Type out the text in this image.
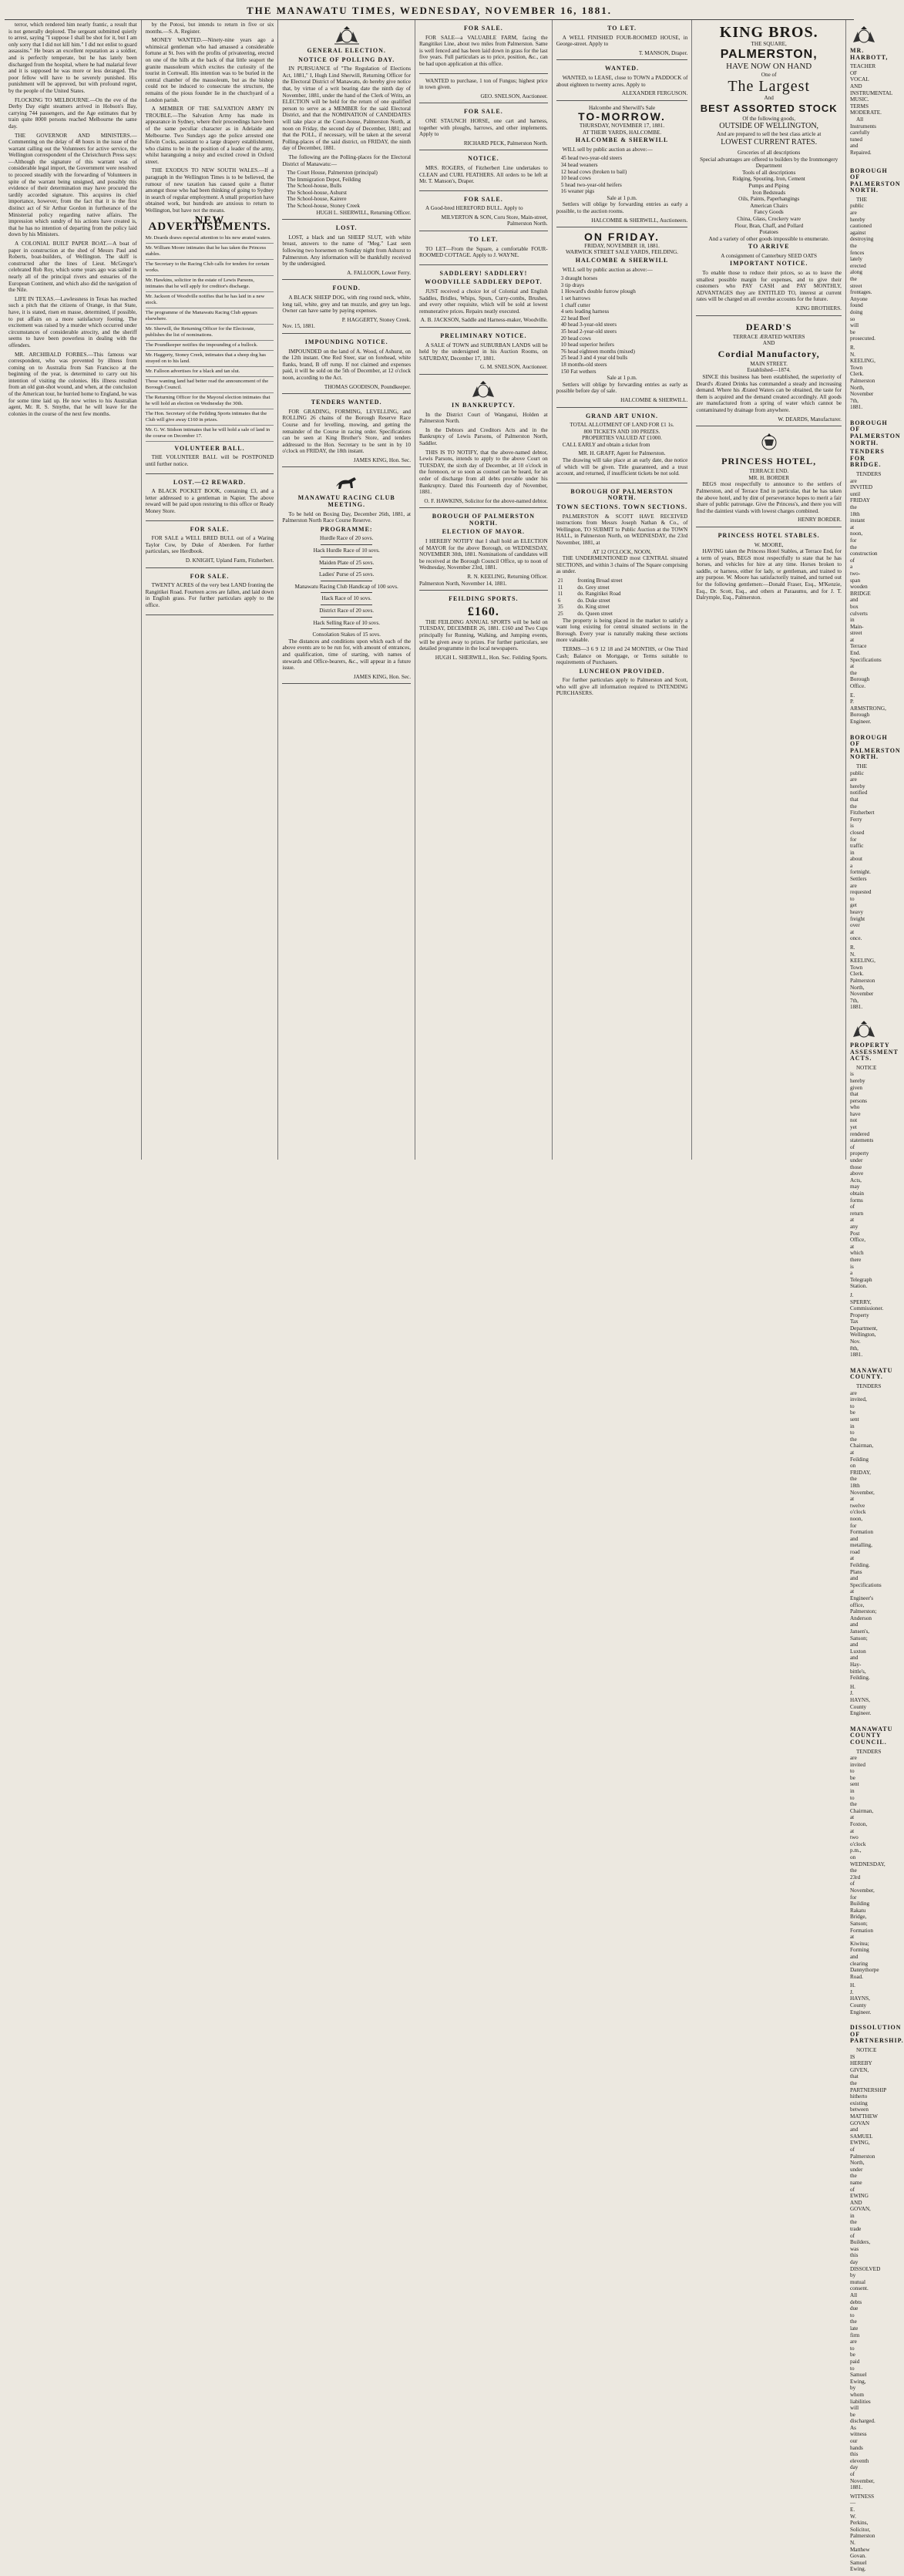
THE MANAWATU TIMES, WEDNESDAY, NOVEMBER 16, 1881.

terror, which rendered him nearly frantic, a result that is not generally deplored. The sergeant submitted quietly to arrest, saying "I suppose I shall be shot for it, but I am only sorry that I did not kill him." I did not enlist to guard assassins." He bears an excellent reputation as a soldier, and is perfectly temperate, but he has lately been discharged from the hospital, where he had malarial fever and it is supposed he was more or less deranged. The poor fellow will have to be severely punished. His punishment will be approved, but with profound regret, by the people of the United States.

FLOCKING TO MELBOURNE.—On the eve of the Derby Day eight steamers arrived in Hobson's Bay, carrying 744 passengers, and the Age estimates that by train quite 8000 persons reached Melbourne the same day.

THE GOVERNOR AND MINISTERS.—Commenting on the delay of 48 hours in the issue of the warrant calling out the Volunteers for active service, the Wellington correspondent of the Christchurch Press says:—Although the signature of this warrant was of considerable legal import, the Government were resolved to proceed steadily with the forwarding of Volunteers in spite of the warrant being unsigned, and possibly this evidence of their determination may have procured the tardily accorded signature. This acquires its chief importance, however, from the fact that it is the first distinct act of Sir Arthur Gordon in furtherance of the Ministerial policy regarding native affairs. The impression which sundry of his actions have created is, that he has no intention of departing from the policy laid down by his Ministers.

A COLONIAL BUILT PAPER BOAT.—A boat of paper in construction at the shed of Messrs Paul and Roberts, boat-builders, of Wellington. The skiff is constructed after the lines of Lieut. McGregor's celebrated Rob Roy, which some years ago was sailed in nearly all of the principal rivers and estuaries of the European Continent, and which also did the navigation of the Nile.

LIFE IN TEXAS.—Lawlessness in Texas has reached such a pitch that the citizens of Orange, in that State, have, it is stated, risen en masse, determined, if possible, to put affairs on a more satisfactory footing. The excitement was raised by a murder which occurred under circumstances of considerable atrocity, and the sheriff seems to have been powerless in dealing with the offenders.

MR. ARCHIBALD FORBES.—This famous war correspondent, who was prevented by illness from coming on to Australia from San Francisco at the beginning of the year, is determined to carry out his intention of visiting the colonies. His illness resulted from an old gun-shot wound, and when, at the conclusion of the American tour, he hurried home to England, he was for some time laid up. He now writes to his Australian agent, Mr. R. S. Smythe, that he will leave for the colonies in the course of the next few months.

by the Potosi, but intends to return in five or six months.—S. A. Register.

MONEY WANTED.—Ninety-nine years ago a whimsical gentleman who had amassed a considerable fortune at St. Ives with the profits of privateering, erected on one of the hills at the back of that little seaport the granite mausoleum which excites the curiosity of the tourist in Cornwall. His intention was to be buried in the central chamber of the mausoleum, but as the bishop could not be induced to consecrate the structure, the remains of the pious founder lie in the churchyard of a London parish.

A MEMBER OF THE SALVATION ARMY IN TROUBLE.—The Salvation Army has made its appearance in Sydney, where their proceedings have been of the same peculiar character as in Adelaide and Melbourne. Two Sundays ago the police arrested one Edwin Cocks, assistant to a large drapery establishment, who claims to be in the position of a leader of the army, whilst haranguing a noisy and excited crowd in Oxford street.

THE EXODUS TO NEW SOUTH WALES.—If a paragraph in the Wellington Times is to be believed, the rumour of new taxation has caused quite a flutter amongst those who had been thinking of going to Sydney in search of regular employment. A small proportion have obtained work, but hundreds are anxious to return to Wellington, but have not the means.

NEW ADVERTISEMENTS.
Mr. Deards draws especial attention to his new ærated waters.
Mr. William Moore intimates that he has taken the Princess stables.
The Secretary to the Racing Club calls for tenders for certain works.
Mr. Hawkins, solicitor in the estate of Lewis Parsons, intimates that he will apply for creditor's discharge.
Mr. Jackson of Woodville notifies that he has laid in a new stock.
The programme of the Manawatu Racing Club appears elsewhere.
Mr. Sherwill, the Returning Officer for the Electorate, publishes the list of nominations.
The Poundkeeper notifies the impounding of a bullock.
Mr. Haggerty, Stoney Creek, intimates that a sheep dog has strayed on to his land.
Mr. Falloon advertises for a black and tan slut.
Those wanting land had better read the announcement of the Borough Council.
The Returning Officer for the Mayoral election intimates that he will hold an election on Wednesday the 30th.
The Hon. Secretary of the Feilding Sports intimates that the Club will give away £160 in prizes.
Mr. G. W. Stidson intimates that he will hold a sale of land in the course on December 17.
VOLUNTEER BALL.

THE VOLUNTEER BALL will be POSTPONED until further notice.

LOST.—£2 REWARD.

A BLACK POCKET BOOK, containing £3, and a letter addressed to a gentleman in Napier. The above reward will be paid upon restoring to this office or Ready Money Store.

FOR SALE.

FOR SALE a WELL BRED BULL out of a Waring Taylor Cow, by Duke of Aberdeen. For further particulars, see Herdbook.

D. KNIGHT, Upland Farm, Fitzherbert.
FOR SALE.

TWENTY ACRES of the very best LAND fronting the Rangitikei Road. Fourteen acres are fallen, and laid down in English grass. For further particulars apply to the office.

GENERAL ELECTION.
NOTICE OF POLLING DAY.

IN PURSUANCE of "The Regulation of Elections Act, 1881," I, Hugh Lind Sherwill, Returning Officer for the Electoral District of Manawatu, do hereby give notice that, by virtue of a writ bearing date the ninth day of November, 1881, under the hand of the Clerk of Writs, an ELECTION will be held for the return of one qualified person to serve as a MEMBER for the said Electoral District, and that the NOMINATION of CANDIDATES will take place at the Court-house, Palmerston North, at noon on Friday, the second day of December, 1881; and that the POLL, if necessary, will be taken at the several Polling-places of the said district, on FRIDAY, the ninth day of December, 1881.

The following are the Polling-places for the Electoral District of Manawatu:—

The Court House, Palmerston (principal)
The Immigration Depot, Feilding
The School-house, Bulls
The School-house, Ashurst
The School-house, Kairere
The School-house, Stoney Creek
HUGH L. SHERWILL, Returning Officer.
LOST.

LOST, a black and tan SHEEP SLUT, with white breast, answers to the name of "Meg." Last seen following two horsemen on Sunday night from Ashurst to Palmerston. Any information will be thankfully received by the undersigned.

A. FALLOON, Lower Ferry.
FOUND.

A BLACK SHEEP DOG, with ring round neck, white, long tail, white, grey and tan muzzle, and grey tan legs. Owner can have same by paying expenses.

P. HAGGERTY, Stoney Creek.
Nov. 15, 1881.
IMPOUNDING NOTICE.

IMPOUNDED on the land of A. Wood, of Ashurst, on the 12th instant. One Red Steer, star on forehead, white flanks, brand, B off rump. If not claimed and expenses paid, it will be sold on the 5th of December, at 12 o'clock noon, according to the Act.

THOMAS GOODISON, Poundkeeper.
TENDERS WANTED.

FOR GRADING, FORMING, LEVELLING, and ROLLING 26 chains of the Borough Reserve Race Course and for levelling, mowing, and getting the remainder of the Course in racing order. Specifications can be seen at King Brother's Store, and tenders addressed to the Hon. Secretary to be sent in by 10 o'clock on FRIDAY, the 18th instant.

JAMES KING, Hon. Sec.
MANAWATU RACING CLUB MEETING.

To be held on Boxing Day, December 26th, 1881, at Palmerston North Race Course Reserve.

PROGRAMME:
Hurdle Race of 20 sovs.
Hack Hurdle Race of 10 sovs.
Maiden Plate of 25 sovs.
Ladies' Purse of 25 sovs.
Manawatu Racing Club Handicap of 100 sovs.
Hack Race of 10 sovs.
District Race of 20 sovs.
Hack Selling Race of 10 sovs.
Consolation Stakes of 15 sovs.

The distances and conditions upon which each of the above events are to be run for, with amount of entrances, and qualification, time of starting, with names of stewards and Office-bearers, &c., will appear in a future issue.

JAMES KING, Hon. Sec.
FOR SALE.

FOR SALE—a VALUABLE FARM, facing the Rangitikei Line, about two miles from Palmerston. Same is well fenced and has been laid down in grass for the last five years. Full particulars as to price, position, &c., can be had upon application at this office.

WANTED to purchase, 1 ton of Fungus; highest price in town given.

GEO. SNELSON, Auctioneer.
FOR SALE.

ONE STAUNCH HORSE, one cart and harness, together with ploughs, harrows, and other implements. Apply to

RICHARD PECK, Palmerston North.
NOTICE.

MRS. ROGERS, of Fitzherbert Line undertakes to CLEAN and CURL FEATHERS. All orders to be left at Mr. T. Manson's, Draper.

FOR SALE.

A Good-bred HEREFORD BULL. Apply to

MILVERTON & SON, Coru Store, Main-street, Palmerston North.
TO LET.

TO LET—From the Square, a comfortable FOUR-ROOMED COTTAGE. Apply to J. WAYNE.

SADDLERY! SADDLERY!
WOODVILLE SADDLERY DEPOT.

JUST received a choice lot of Colonial and English Saddles, Bridles, Whips, Spurs, Curry-combs, Brushes, and every other requisite, which will be sold at lowest remunerative prices. Repairs neatly executed.

A. B. JACKSON, Saddle and Harness-maker, Woodville.
PRELIMINARY NOTICE.

A SALE of TOWN and SUBURBAN LANDS will be held by the undersigned in his Auction Rooms, on SATURDAY, December 17, 1881.

G. M. SNELSON, Auctioneer.
IN BANKRUPTCY.

In the District Court of Wanganui, Holden at Palmerston North.

In the Debtors and Creditors Acts and in the Bankruptcy of Lewis Parsons, of Palmerston North, Saddler.

THIS IS TO NOTIFY, that the above-named debtor, Lewis Parsons, intends to apply to the above Court on TUESDAY, the sixth day of December, at 10 o'clock in the forenoon, or so soon as counsel can be heard, for an order of discharge from all debts provable under his Bankruptcy. Dated this Fourteenth day of November, 1881.

O. F. HAWKINS, Solicitor for the above-named debtor.
BOROUGH OF PALMERSTON NORTH.
ELECTION OF MAYOR.

I HEREBY NOTIFY that I shall hold an ELECTION of MAYOR for the above Borough, on WEDNESDAY, NOVEMBER 30th, 1881. Nominations of candidates will be received at the Borough Council Office, up to noon of Wednesday, November 23rd, 1881.

R. N. KEELING, Returning Officer.
Palmerston North, November 14, 1881.
FEILDING SPORTS.
£160.

THE FEILDING ANNUAL SPORTS will be held on TUESDAY, DECEMBER 26, 1881. £160 and Two Cups principally for Running, Walking, and Jumping events, will be given away to prizes. For further particulars, see detailed programme in the local newspapers.

HUGH L. SHERWILL, Hon. Sec. Feilding Sports.
TO LET.

A WELL FINISHED FOUR-ROOMED HOUSE, in George-street. Apply to

T. MANSON, Draper.
WANTED.

WANTED, to LEASE, close to TOWN a PADDOCK of about eighteen to twenty acres. Apply to

ALEXANDER FERGUSON.
Halcombe and Sherwill's Sale
TO-MORROW.
THURSDAY, NOVEMBER 17, 1881.
AT THEIR YARDS, HALCOMBE.
HALCOMBE & SHERWILL

WILL sell by public auction as above:—

45 head two-year-old steers
34 head weaners
12 head cows (broken to bail)
10 head cows
5 head two-year-old heifers
16 weaner pigs
Sale at 1 p.m.

Settlers will oblige by forwarding entries as early a possible, to the auction rooms.

HALCOMBE & SHERWILL, Auctioneers.
ON FRIDAY.
FRIDAY, NOVEMBER 18, 1881.
WARWICK STREET SALE YARDS, FEILDING.
HALCOMBE & SHERWILL

WILL sell by public auction as above:—

3 draught horses
3 tip drays
1 Howard's double furrow plough
1 set harrows
1 chaff cutter
4 sets leading harness
22 head Beef
40 head 3-year-old steers
35 head 2-year-old steers
20 head cows
10 head superior heifers
76 head eighteen months (mixed)
25 head 3 and 4 year old bulls
18 months-old steers
150 Fat wethers
Sale at 1 p.m.

Settlers will oblige by forwarding entries as early as possible before day of sale.

HALCOMBE & SHERWILL.
GRAND ART UNION.
TOTAL ALLOTMENT OF LAND FOR £1 1s.
800 TICKETS AND 100 PRIZES.
PROPERTIES VALUED AT £1000.

CALL EARLY and obtain a ticket from

MR. H. GRAFF, Agent for Palmerston.

The drawing will take place at an early date, due notice of which will be given. Title guaranteed, and a trust account, and returned, if insufficient tickets be not sold.

BOROUGH OF PALMERSTON NORTH.
TOWN SECTIONS. TOWN SECTIONS.

PALMERSTON & SCOTT HAVE RECEIVED instructions from Messrs Joseph Nathan & Co., of Wellington, TO SUBMIT to Public Auction at the TOWN HALL, in Palmerston North, on WEDNESDAY, the 23rd November, 1881, at

AT 12 O'CLOCK, NOON,

THE UNDERMENTIONED most CENTRAL situated SECTIONS, and within 3 chains of The Square comprising as under.

21	fronting Broad street
11	do. Grey street
11	do. Rangitikei Road
6	do. Duke street
35	do. King street
25	do. Queen street

The property is being placed in the market to satisfy a want long existing for central situated sections in the Borough. Every year is naturally making these sections more valuable.

TERMS—3 6 9 12 18 and 24 MONTHS, or One Third Cash; Balance on Mortgage, or Terms suitable to requirements of Purchasers.

LUNCHEON PROVIDED.

For further particulars apply to Palmerston and Scott, who will give all information required to INTENDING PURCHASERS.

KING BROS.
THE SQUARE,
PALMERSTON,
HAVE NOW ON HAND
One of
The Largest
And
BEST ASSORTED STOCK
Of the following goods,
OUTSIDE OF WELLINGTON,
And are prepared to sell the best class article at
LOWEST CURRENT RATES.
Groceries of all descriptions
Special advantages are offered to builders by the Ironmongery Department
Tools of all descriptions
Ridging, Spouting, Iron, Cement
Pumps and Piping
Iron Bedsteads
Oils, Paints, Paperhangings
American Chairs
Fancy Goods
China, Glass, Crockery ware
Flour, Bran, Chaff, and Pollard
Potatoes
And a variety of other goods impossible to enumerate.
TO ARRIVE
A consignment of Canterbury SEED OATS
IMPORTANT NOTICE.

To enable those to reduce their prices, so as to leave the smallest possible margin for expenses, and to give their customers who PAY CASH and PAY MONTHLY, ADVANTAGES they are ENTITLED TO, interest at current rates will be charged on all overdue accounts for the future.

KING BROTHERS.
DEARD'S
TERRACE ÆRATED WATERS
AND
Cordial Manufactory,
MAIN STREET.
Established—1874.

SINCE this business has been established, the superiority of Deard's Ærated Drinks has commanded a steady and increasing demand. Where his Ærated Waters can be obtained, the taste for them is acquired and the demand created accordingly. All goods are manufactured from a spring of water which cannot be contaminated by drainage from anywhere.

W. DEARDS, Manufacturer.
PRINCESS HOTEL,
TERRACE END.
MR. H. BORDER

BEGS most respectfully to announce to the settlers of Palmerston, and of Terrace End in particular, that he has taken the above hotel, and by dint of perseverance hopes to merit a fair share of public patronage. Give the Princess's, and there you will find the daintiest viands with lowest charges combined.

HENRY BORDER.
PRINCESS HOTEL STABLES.
W. MOORE,

HAVING taken the Princess Hotel Stables, at Terrace End, for a term of years, BEGS most respectfully to state that he has horses, and vehicles for hire at any time. Horses broken to saddle, or harness, either for lady, or gentleman, and trained to any purpose. W. Moore has satisfactorily trained, and turned out for the following gentlemen:—Donald Fraser, Esq., M'Kenzie, Esq., Dr. Scott, Esq., and others at Paraaumu, and for J. T. Dalrymple, Esq., Palmerston.

MR. HARBOTT,
TEACHER OF VOCAL AND INSTRUMENTAL MUSIC.
TERMS MODERATE.

All Instruments carefully tuned and Repaired.

BOROUGH OF PALMERSTON NORTH.

THE public are hereby cautioned against destroying the fences lately erected along the street frontages. Anyone found doing so will be prosecuted.

R. N. KEELING, Town Clerk.
Palmerston North, November 7th, 1881.
BOROUGH OF PALMERSTON NORTH.
TENDERS FOR BRIDGE.

TENDERS are INVITED until FRIDAY the 18th instant at noon, for the construction of a two-span wooden BRIDGE and box culverts in Main-street at Terrace End. Specifications at the Borough Office.

E. P. ARMSTRONG, Borough Engineer.
BOROUGH OF PALMERSTON NORTH.

THE public are hereby notified that the Fitzherbert Ferry is closed for traffic in about a fortnight. Settlers are requested to get heavy freight over at once.

R. N. KEELING, Town Clerk.
Palmerston North, November 7th, 1881.
PROPERTY ASSESSMENT ACTS.

NOTICE is hereby given that persons who have not yet rendered statements of property under those above Acts, may obtain forms of return at any Post Office, at which there is a Telegraph Station.

J. SPERRY, Commissioner.
Property Tax Department, Wellington, Nov. 8th, 1881.
MANAWATU COUNTY.

TENDERS are invited, to be sent in to the Chairman, at Feilding on FRIDAY, the 18th November, at twelve o'clock noon, for Formation and metalling, road at Feilding. Plans and Specifications at Engineer's office, Palmerston; Anderson and Jansen's, Sanson; and Luxton and Hay-bittle's, Feilding.

H. J. HAYNS, County Engineer.
MANAWATU COUNTY COUNCIL.

TENDERS are invited to be sent in to the Chairman, at Foxton, at two o'clock p.m., on WEDNESDAY, the 23rd of November, for Building Rakatu Bridge, Sanson; Formation at Kiwitea; Forming and clearing Dannythorpe Road.

H. J. HAYNS, County Engineer.
DISSOLUTION OF PARTNERSHIP.

NOTICE IS HEREBY GIVEN, that the PARTNERSHIP hitherto existing between MATTHEW GOVAN and SAMUEL EWING, of Palmerston North, under the name of EWING AND GOVAN, in the trade of Builders, was this day DISSOLVED by mutual consent. All debts due to the late firm are to be paid to Samuel Ewing, by whom liabilities will be discharged. As witness our hands this eleventh day of November, 1881.

WITNESS—
E. W. Perkins, Solicitor, Palmerston N.
Matthew Govan. Samuel Ewing.
